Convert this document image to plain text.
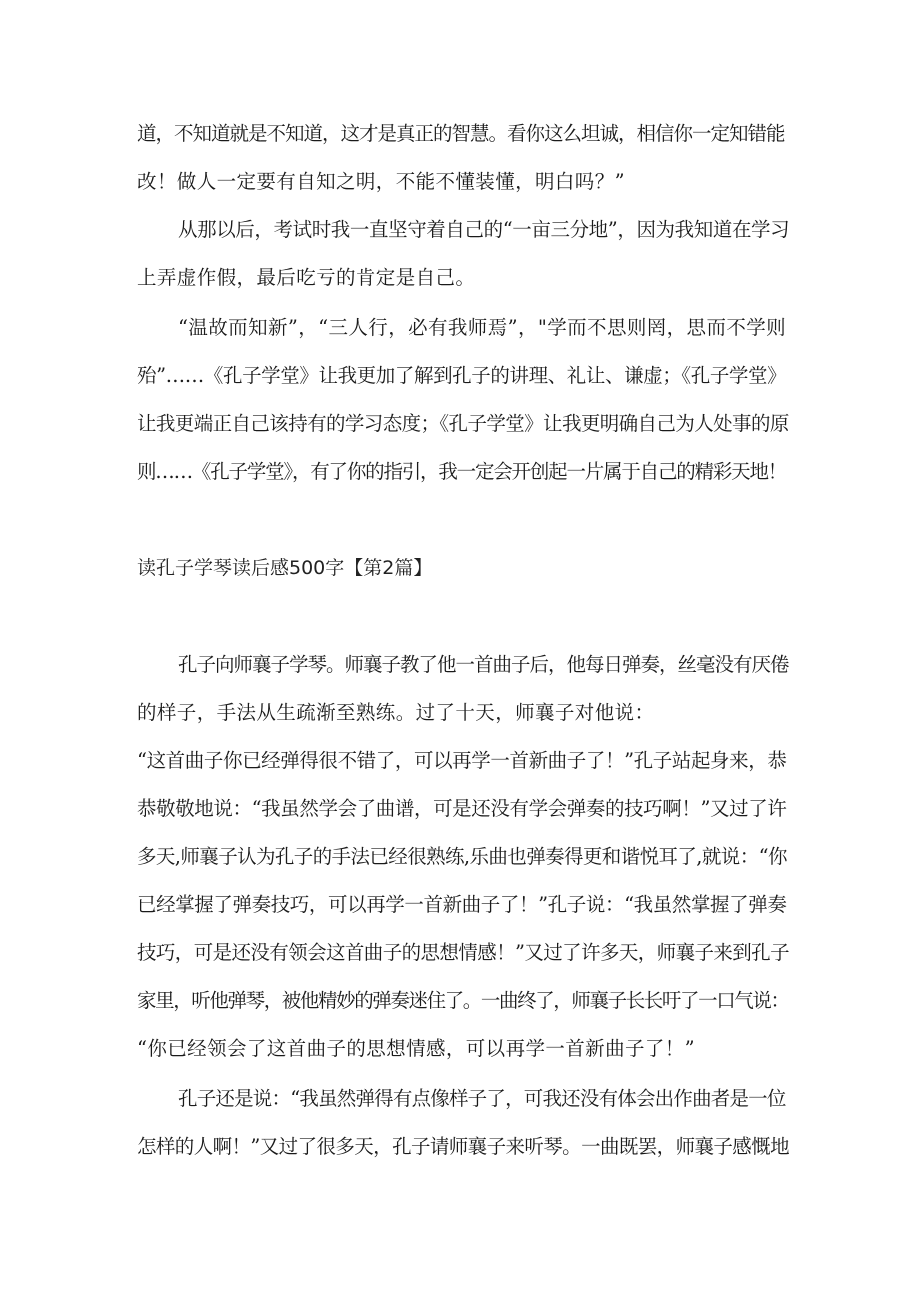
道，不知道就是不知道，这才是真正的智慧。看你这么坦诚，相信你一定知错能
改！做人一定要有自知之明，不能不懂装懂，明白吗？”
从那以后，考试时我一直坚守着自己的“一亩三分地”，因为我知道在学习
上弄虚作假，最后吃亏的肯定是自己。
“温故而知新”，“三人行，必有我师焉”，"学而不思则罔，思而不学则
殆”……《孔子学堂》让我更加了解到孔子的讲理、礼让、谦虚；《孔子学堂》
让我更端正自己该持有的学习态度；《孔子学堂》让我更明确自己为人处事的原
则……《孔子学堂》，有了你的指引，我一定会开创起一片属于自己的精彩天地！
读孔子学琴读后感500字【第2篇】
孔子向师襄子学琴。师襄子教了他一首曲子后，他每日弹奏，丝毫没有厌倦
的样子，手法从生疏渐至熟练。过了十天，师襄子对他说：
“这首曲子你已经弹得很不错了，可以再学一首新曲子了！”孔子站起身来，恭
恭敬敬地说：“我虽然学会了曲谱，可是还没有学会弹奏的技巧啊！”又过了许
多天,师襄子认为孔子的手法已经很熟练,乐曲也弹奏得更和谐悦耳了,就说：“你
已经掌握了弹奏技巧，可以再学一首新曲子了！”孔子说：“我虽然掌握了弹奏
技巧，可是还没有领会这首曲子的思想情感！”又过了许多天，师襄子来到孔子
家里，听他弹琴，被他精妙的弹奏迷住了。一曲终了，师襄子长长吁了一口气说：
“你已经领会了这首曲子的思想情感，可以再学一首新曲子了！”
孔子还是说：“我虽然弹得有点像样子了，可我还没有体会出作曲者是一位
怎样的人啊！”又过了很多天，孔子请师襄子来听琴。一曲既罢，师襄子感慨地
